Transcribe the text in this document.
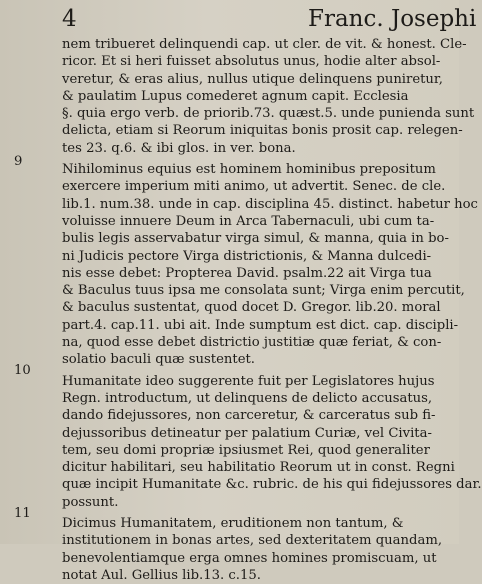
4	Franc. Josephi
nem tribueret delinquendi cap. ut cler. de vit. & honest. Cle-
ricor. Et si heri fuisset absolutus unus, hodie alter absol-
veretur, & eras alius, nullus utique delinquens puniretur,
& paulatim Lupus comederet agnum capit. Ecclesia
§. quia ergo verb. de priorib.73. quæst.5. unde punienda sunt
delicta, etiam si Reorum iniquitas bonis prosit cap. relegen-
tes 23. q.6. & ibi glos. in ver. bona.
Nihilominus equius est hominem hominibus prepositum
exercere imperium miti animo, ut advertit. Senec. de cle.
lib.1. num.38. unde in cap. disciplina 45. distinct. habetur hoc
voluisse innuere Deum in Arca Tabernaculi, ubi cum ta-
bulis legis asservabatur virga simul, & manna, quia in bo-
ni Judicis pectore Virga districtionis, & Manna dulcedi-
nis esse debet: Propterea David. psalm.22 ait Virga tua
& Baculus tuus ipsa me consolata sunt; Virga enim percutit,
& baculus sustentat, quod docet D. Gregor. lib.20. moral
part.4. cap.11. ubi ait. Inde sumptum est dict. cap. discipli-
na, quod esse debet districtio justitiæ quæ feriat, & con-
solatio baculi quæ sustentet.
Humanitate ideo suggerente fuit per Legislatores hujus
Regn. introductum, ut delinquens de delicto accusatus,
dando fidejussores, non carceretur, & carceratus sub fi-
dejussoribus detineatur per palatium Curiæ, vel Civita-
tem, seu domi propriæ ipsiusmet Rei, quod generaliter
dicitur habilitari, seu habilitatio Reorum ut in const. Regni
quæ incipit Humanitate &c. rubric. de his qui fidejussores dar.
possunt.
Dicimus Humanitatem, eruditionem non tantum, &
institutionem in bonas artes, sed dexteritatem quandam,
benevolentiamque erga omnes homines promiscuam, ut
notat Aul. Gellius lib.13. c.15.
9
10
11
